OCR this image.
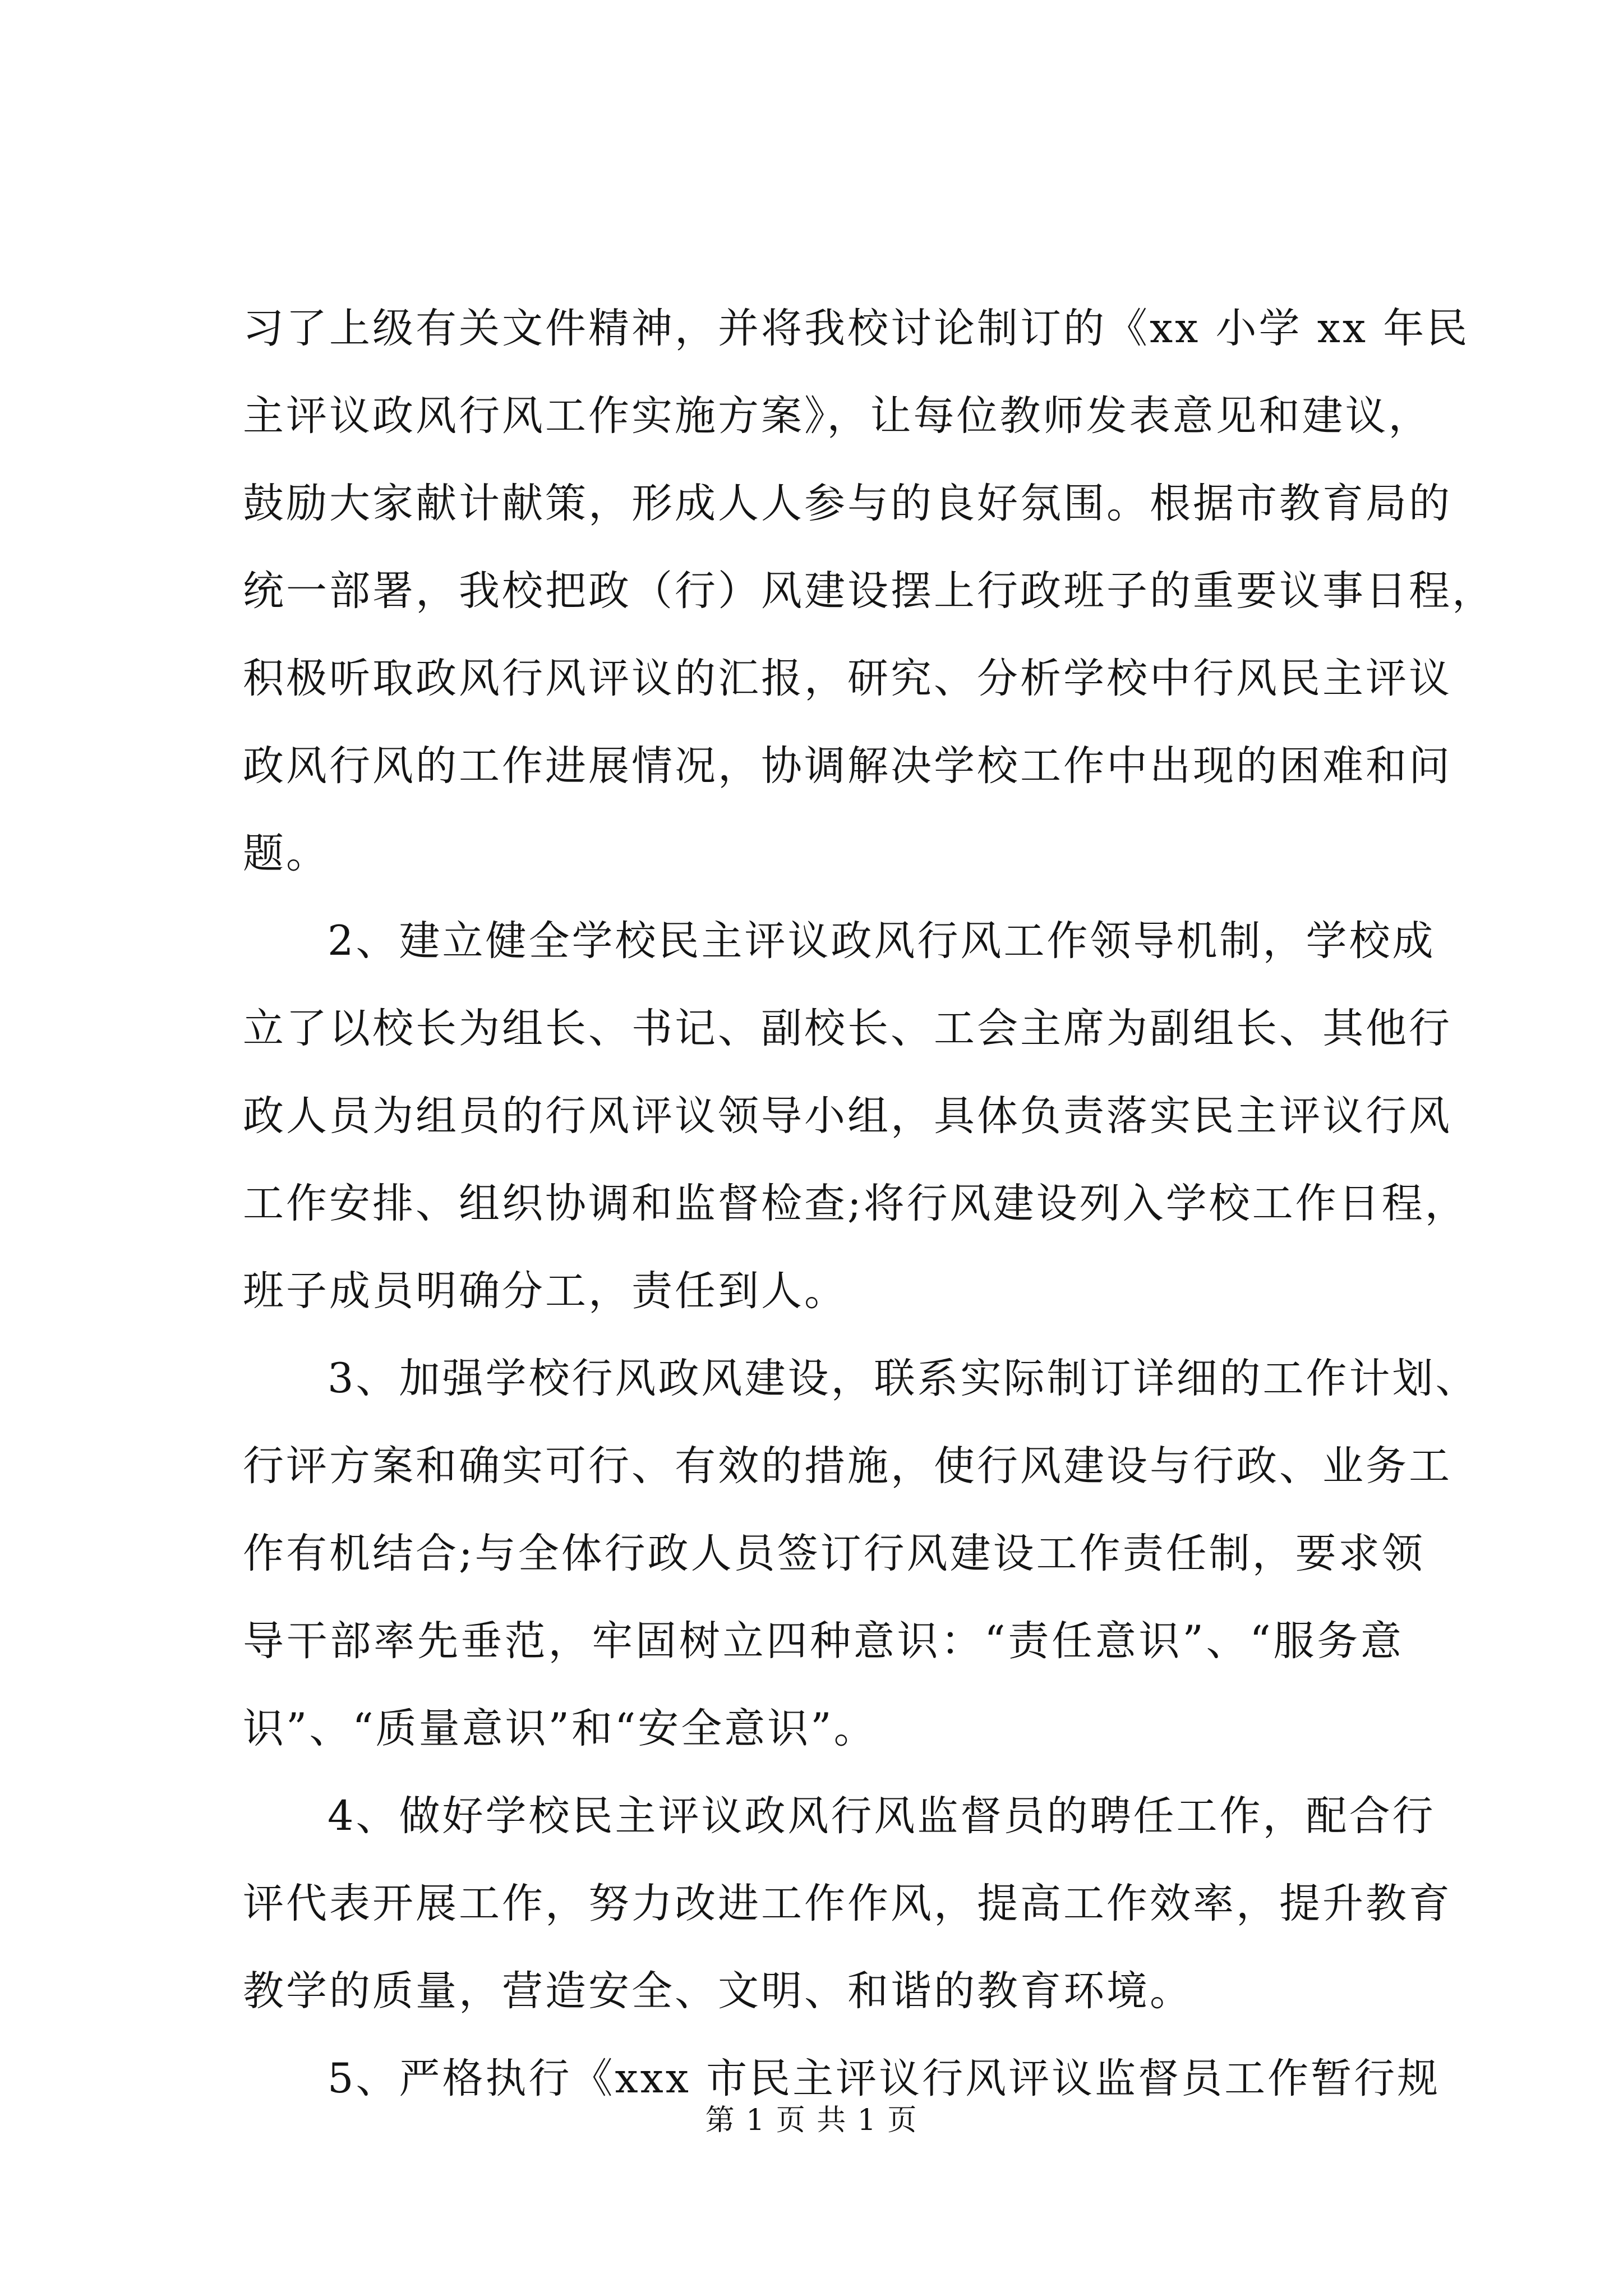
习了上级有关文件精神，并将我校讨论制订的《xx 小学 xx 年民
主评议政风行风工作实施方案》，让每位教师发表意见和建议，
鼓励大家献计献策，形成人人参与的良好氛围。根据市教育局的
统一部署，我校把政（行）风建设摆上行政班子的重要议事日程，
积极听取政风行风评议的汇报，研究、分析学校中行风民主评议
政风行风的工作进展情况，协调解决学校工作中出现的困难和问
题。
2、建立健全学校民主评议政风行风工作领导机制，学校成
立了以校长为组长、书记、副校长、工会主席为副组长、其他行
政人员为组员的行风评议领导小组，具体负责落实民主评议行风
工作安排、组织协调和监督检查;将行风建设列入学校工作日程，
班子成员明确分工，责任到人。
3、加强学校行风政风建设，联系实际制订详细的工作计划、
行评方案和确实可行、有效的措施，使行风建设与行政、业务工
作有机结合;与全体行政人员签订行风建设工作责任制，要求领
导干部率先垂范，牢固树立四种意识：“责任意识”、“服务意
识”、“质量意识”和“安全意识”。
4、做好学校民主评议政风行风监督员的聘任工作，配合行
评代表开展工作，努力改进工作作风，提高工作效率，提升教育
教学的质量，营造安全、文明、和谐的教育环境。
5、严格执行《xxx 市民主评议行风评议监督员工作暂行规
第 1 页 共 1 页
